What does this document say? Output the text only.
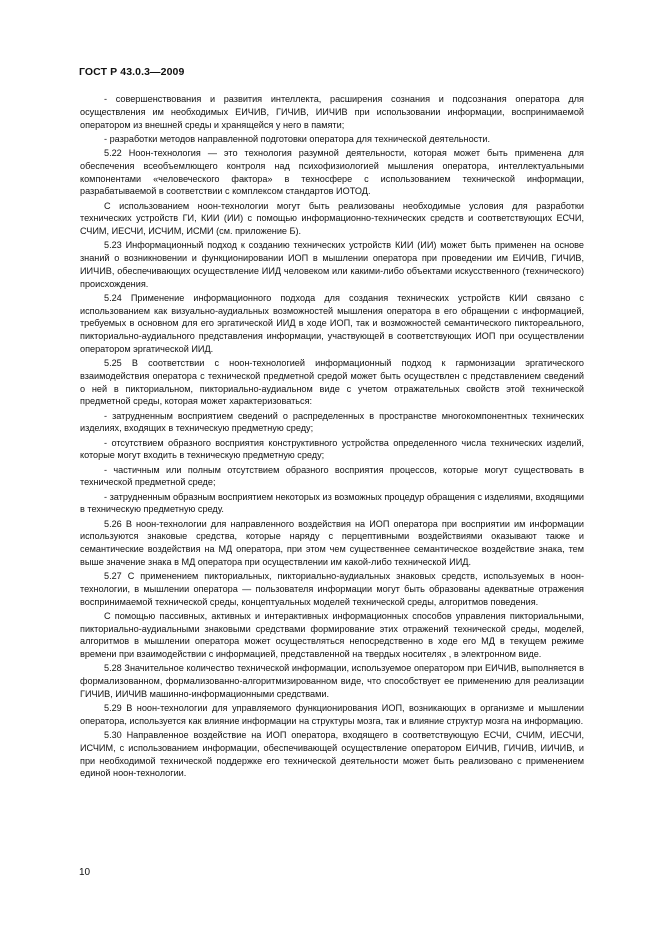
ГОСТ Р 43.0.3—2009

- совершенствования и развития интеллекта, расширения сознания и подсознания оператора для осуществления им необходимых ЕИЧИВ, ГИЧИВ, ИИЧИВ при использовании информации, воспринимаемой оператором из внешней среды и хранящейся у него в памяти;

- разработки методов направленной подготовки оператора для технической деятельности.

5.22 Ноон-технология — это технология разумной деятельности, которая может быть применена для обеспечения всеобъемлющего контроля над психофизиологией мышления оператора, интеллектуальными компонентами «человеческого фактора» в техносфере с использованием технической информации, разрабатываемой в соответствии с комплексом стандартов ИОТОД.

С использованием ноон-технологии могут быть реализованы необходимые условия для разработки технических устройств ГИ, КИИ (ИИ) с помощью информационно-технических средств и соответствующих ЕСЧИ, СЧИМ, ИЕСЧИ, ИСЧИМ, ИСМИ (см. приложение Б).

5.23 Информационный подход к созданию технических устройств КИИ (ИИ) может быть применен на основе знаний о возникновении и функционировании ИОП в мышлении оператора при проведении им ЕИЧИВ, ГИЧИВ, ИИЧИВ, обеспечивающих осуществление ИИД человеком или какими-либо объектами искусственного (технического) происхождения.

5.24 Применение информационного подхода для создания технических устройств КИИ связано с использованием как визуально-аудиальных возможностей мышления оператора в его обращении с информацией, требуемых в основном для его эргатической ИИД в ходе ИОП, так и возможностей семантического пиктореального, пикториально-аудиального представления информации, участвующей в соответствующих ИОП при осуществлении оператором эргатической ИИД.

5.25 В соответствии с ноон-технологией информационный подход к гармонизации эргатического взаимодействия оператора с технической предметной средой может быть осуществлен с представлением сведений о ней в пикториальном, пикториально-аудиальном виде с учетом отражательных свойств этой технической предметной среды, которая может характеризоваться:

- затрудненным восприятием сведений о распределенных в пространстве многокомпонентных технических изделиях, входящих в техническую предметную среду;

- отсутствием образного восприятия конструктивного устройства определенного числа технических изделий, которые могут входить в техническую предметную среду;

- частичным или полным отсутствием образного восприятия процессов, которые могут существовать в технической предметной среде;

- затрудненным образным восприятием некоторых из возможных процедур обращения с изделиями, входящими в техническую предметную среду.

5.26 В ноон-технологии для направленного воздействия на ИОП оператора при восприятии им информации используются знаковые средства, которые наряду с перцептивными воздействиями оказывают также и семантические воздействия на МД оператора, при этом чем существеннее семантическое воздействие знака, тем выше значение знака в МД оператора при осуществлении им какой-либо технической ИИД.

5.27 С применением пикториальных, пикториально-аудиальных знаковых средств, используемых в ноон-технологии, в мышлении оператора — пользователя информации могут быть образованы адекватные отражения воспринимаемой технической среды, концептуальных моделей технической среды, алгоритмов поведения.

С помощью пассивных, активных и интерактивных информационных способов управления пикториальными, пикториально-аудиальными знаковыми средствами формирование этих отражений технической среды, моделей, алгоритмов в мышлении оператора может осуществляться непосредственно в ходе его МД в текущем режиме времени при взаимодействии с информацией, представленной на твердых носителях , в электронном виде.

5.28 Значительное количество технической информации, используемое оператором при ЕИЧИВ, выполняется в формализованном, формализованно-алгоритмизированном виде, что способствует ее применению для реализации ГИЧИВ, ИИЧИВ машинно-информационными средствами.

5.29 В ноон-технологии для управляемого функционирования ИОП, возникающих в организме и мышлении оператора, используется как влияние информации на структуры мозга, так и влияние структур мозга на информацию.

5.30 Направленное воздействие на ИОП оператора, входящего в соответствующую ЕСЧИ, СЧИМ, ИЕСЧИ, ИСЧИМ, с использованием информации, обеспечивающей осуществление оператором ЕИЧИВ, ГИЧИВ, ИИЧИВ, и при необходимой технической поддержке его технической деятельности может быть реализовано с применением единой ноон-технологии.

10
